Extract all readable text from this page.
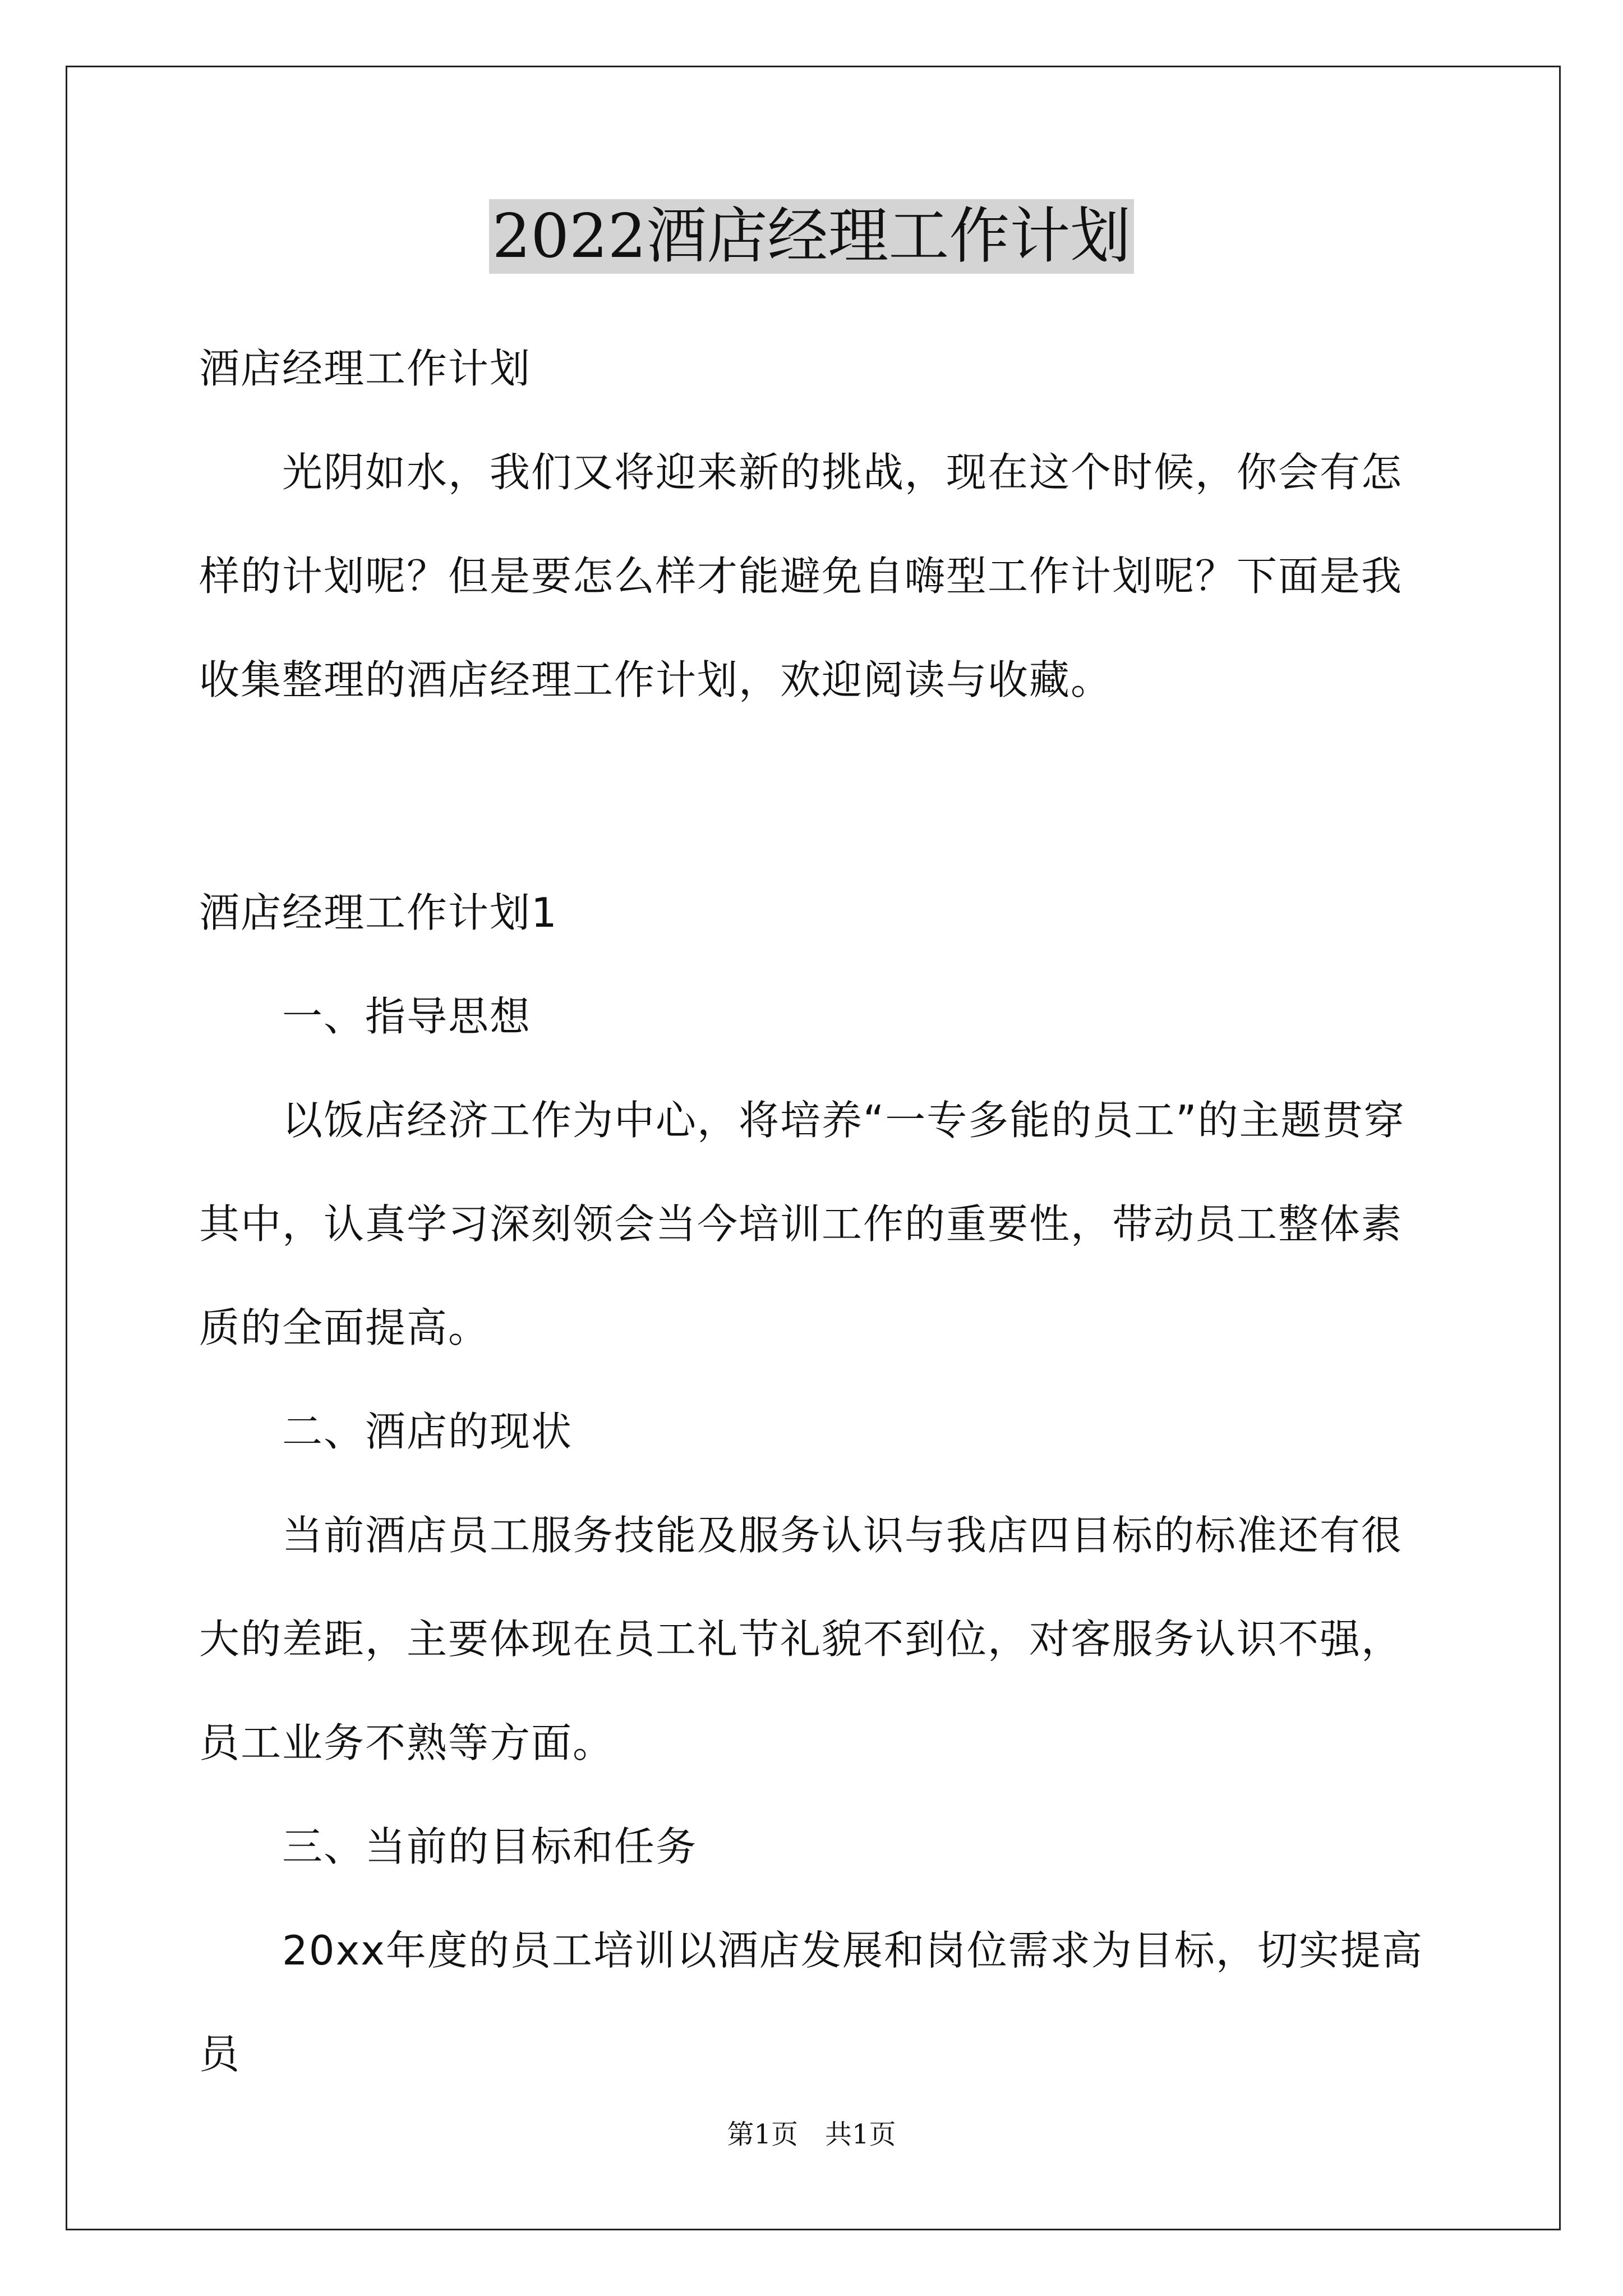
2022酒店经理工作计划

酒店经理工作计划

光阴如水，我们又将迎来新的挑战，现在这个时候，你会有怎样的计划呢？但是要怎么样才能避免自嗨型工作计划呢？下面是我收集整理的酒店经理工作计划，欢迎阅读与收藏。

酒店经理工作计划1

一、指导思想

以饭店经济工作为中心，将培养“一专多能的员工”的主题贯穿其中，认真学习深刻领会当今培训工作的重要性，带动员工整体素质的全面提高。

二、酒店的现状

当前酒店员工服务技能及服务认识与我店四目标的标准还有很大的差距，主要体现在员工礼节礼貌不到位，对客服务认识不强，员工业务不熟等方面。

三、当前的目标和任务

20xx年度的员工培训以酒店发展和岗位需求为目标，切实提高员

第1页　共1页
